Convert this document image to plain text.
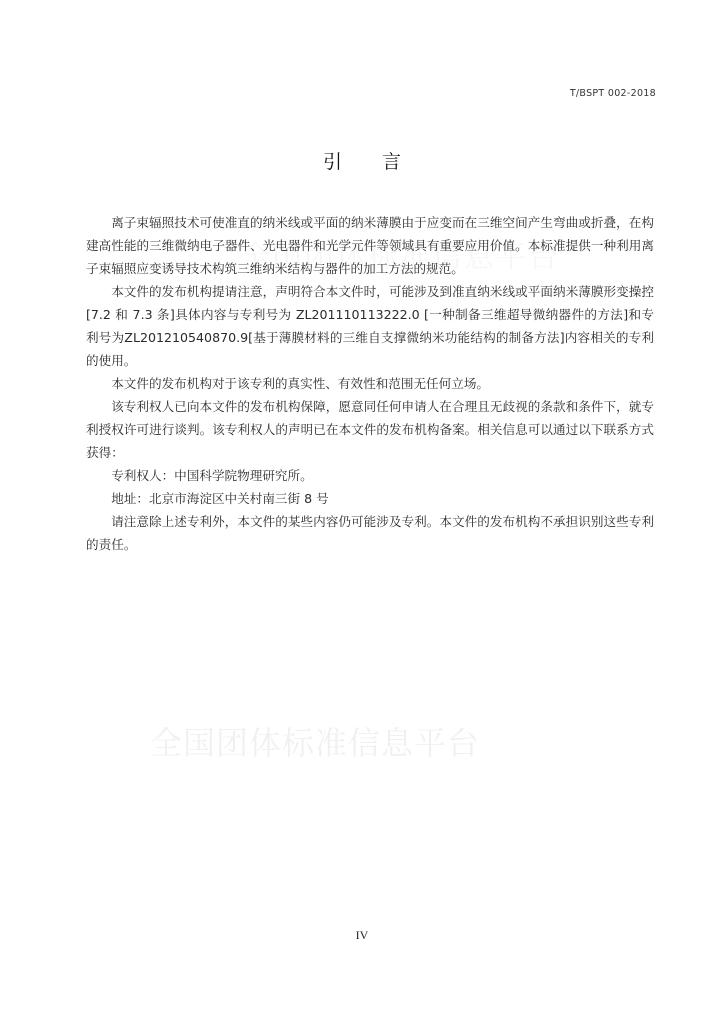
T/BSPT 002-2018
引言

离子束辐照技术可使准直的纳米线或平面的纳米薄膜由于应变而在三维空间产生弯曲或折叠，在构建高性能的三维微纳电子器件、光电器件和光学元件等领域具有重要应用价值。本标准提供一种利用离子束辐照应变诱导技术构筑三维纳米结构与器件的加工方法的规范。

本文件的发布机构提请注意，声明符合本文件时，可能涉及到准直纳米线或平面纳米薄膜形变操控[7.2 和 7.3 条]具体内容与专利号为 ZL201110113222.0 [一种制备三维超导微纳器件的方法]和专利号为ZL201210540870.9[基于薄膜材料的三维自支撑微纳米功能结构的制备方法]内容相关的专利的使用。

本文件的发布机构对于该专利的真实性、有效性和范围无任何立场。

该专利权人已向本文件的发布机构保障，愿意同任何申请人在合理且无歧视的条款和条件下，就专利授权许可进行谈判。该专利权人的声明已在本文件的发布机构备案。相关信息可以通过以下联系方式获得：

专利权人：中国科学院物理研究所。

地址：北京市海淀区中关村南三街 8 号

请注意除上述专利外，本文件的某些内容仍可能涉及专利。本文件的发布机构不承担识别这些专利的责任。

全国团体标准信息平台
IV
